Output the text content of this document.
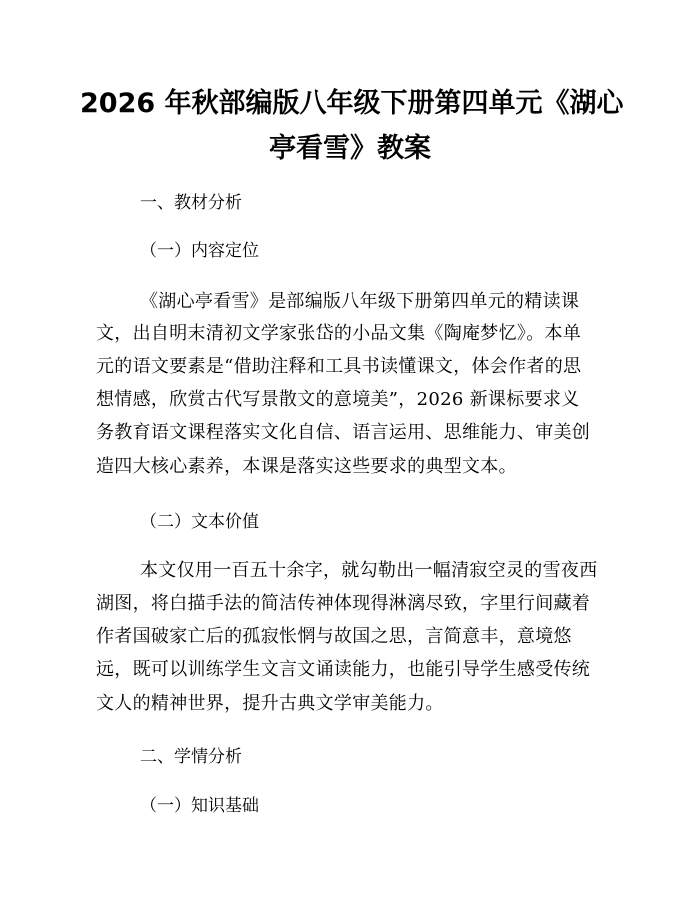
2026 年秋部编版八年级下册第四单元《湖心
亭看雪》教案
一、教材分析
（一）内容定位
《湖心亭看雪》是部编版八年级下册第四单元的精读课
文，出自明末清初文学家张岱的小品文集《陶庵梦忆》。本单
元的语文要素是“借助注释和工具书读懂课文，体会作者的思
想情感，欣赏古代写景散文的意境美”，2026 新课标要求义
务教育语文课程落实文化自信、语言运用、思维能力、审美创
造四大核心素养，本课是落实这些要求的典型文本。
（二）文本价值
本文仅用一百五十余字，就勾勒出一幅清寂空灵的雪夜西
湖图，将白描手法的简洁传神体现得淋漓尽致，字里行间藏着
作者国破家亡后的孤寂怅惘与故国之思，言简意丰，意境悠
远，既可以训练学生文言文诵读能力，也能引导学生感受传统
文人的精神世界，提升古典文学审美能力。
二、学情分析
（一）知识基础
